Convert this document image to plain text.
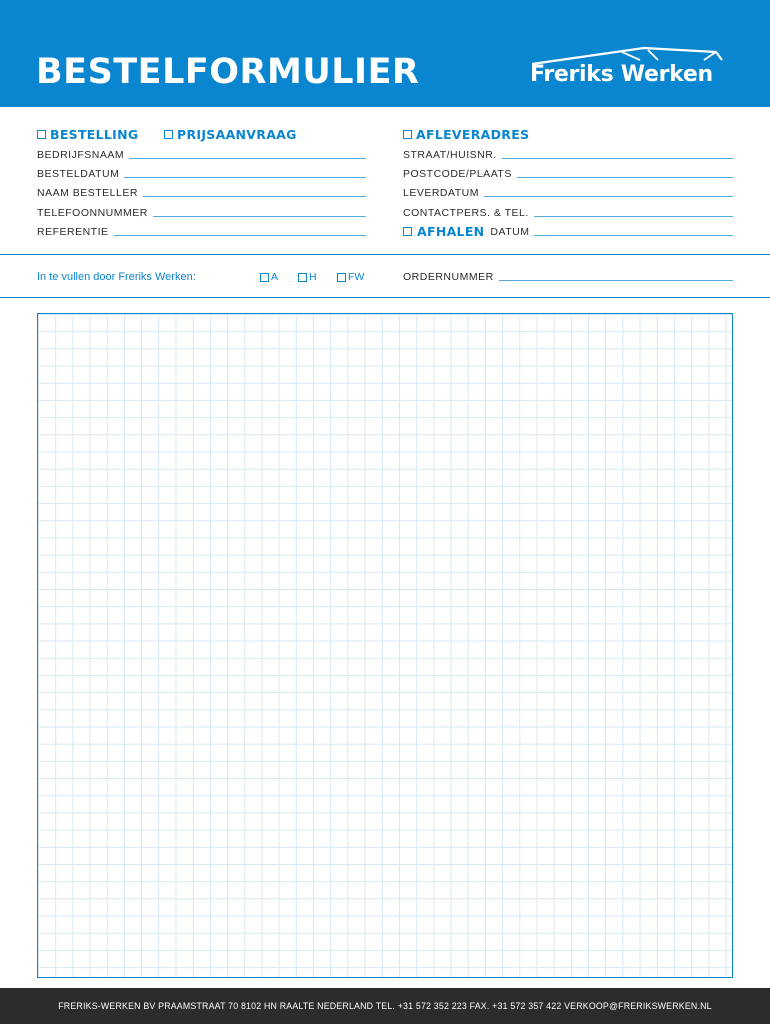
BESTELFORMULIER	Freriks Werken
BESTELLING	PRIJSAANVRAAG	AFLEVERADRES
BEDRIJFSNAAM
BESTELDATUM
NAAM BESTELLER
TELEFOONNUMMER
REFERENTIE
STRAAT/HUISNR.
POSTCODE/PLAATS
LEVERDATUM
CONTACTPERS. & TEL.
AFHALEN DATUM
In te vullen door Freriks Werken:	A	H	FW	ORDERNUMMER
FRERIKS-WERKEN BV PRAAMSTRAAT 70 8102 HN RAALTE NEDERLAND TEL. +31 572 352 223 FAX. +31 572 357 422 VERKOOP@FRERIKSWERKEN.NL
